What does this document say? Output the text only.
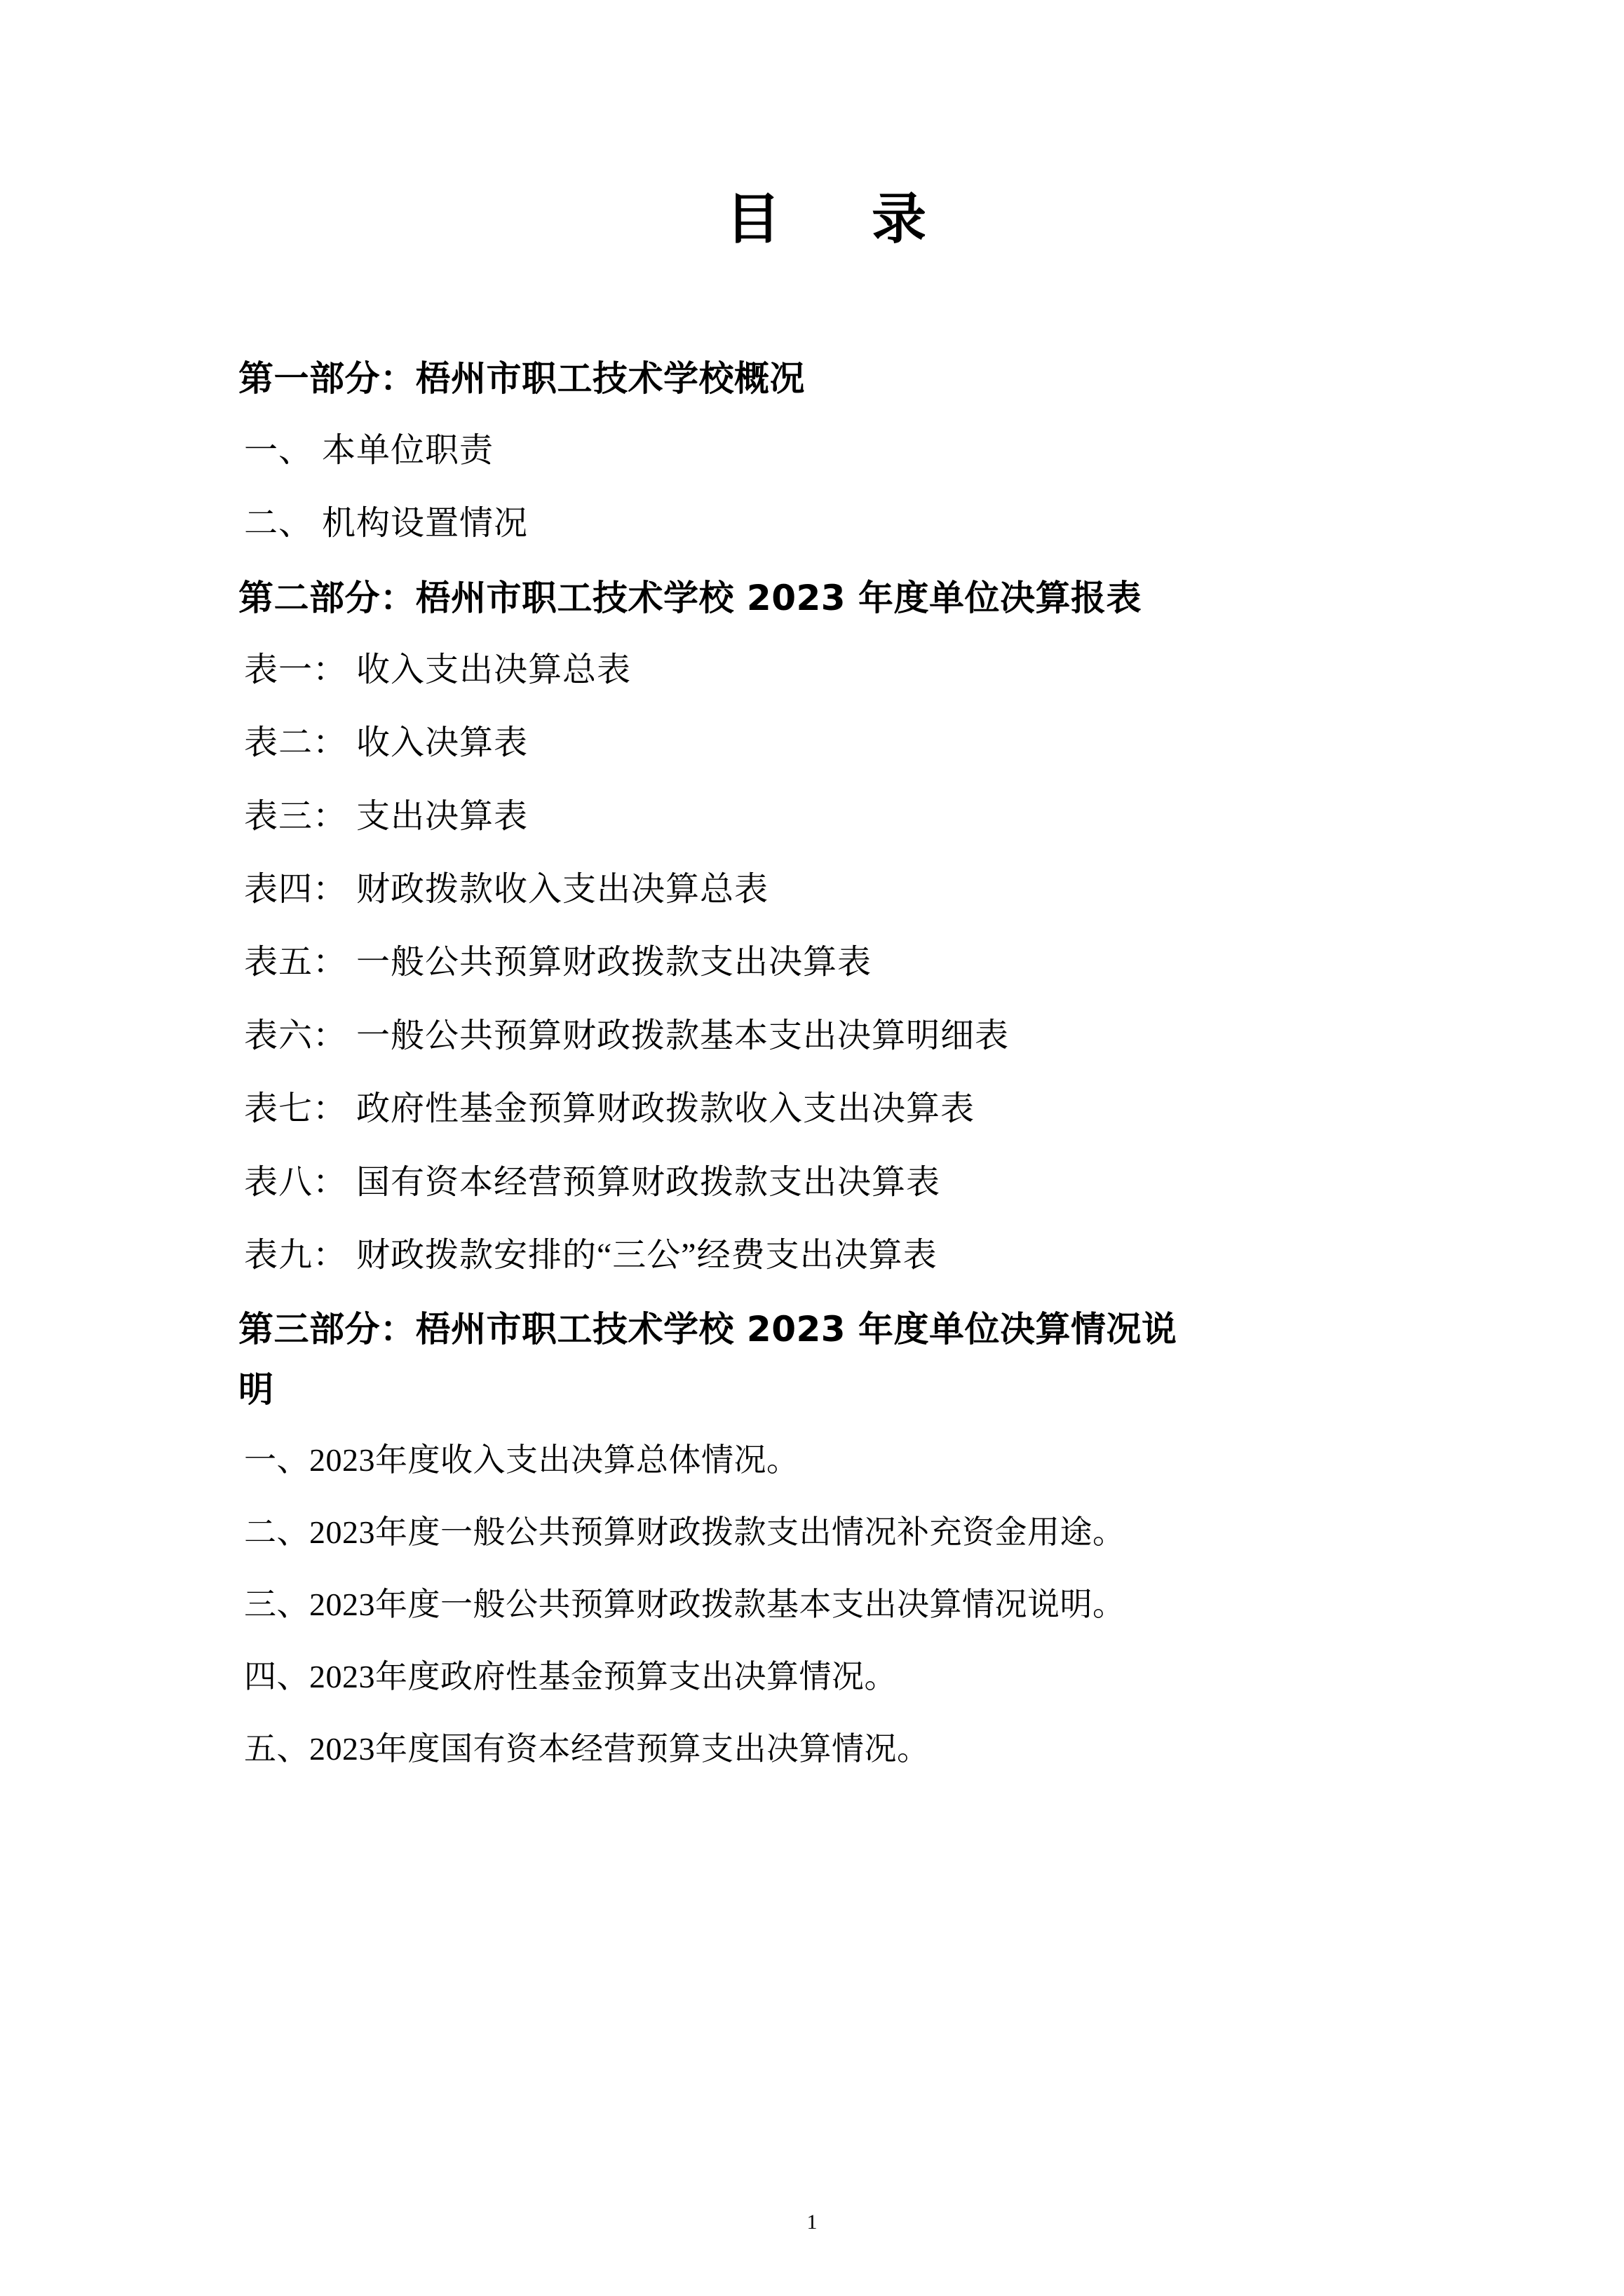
目　录
第一部分：梧州市职工技术学校概况
一、 本单位职责
二、 机构设置情况
第二部分：梧州市职工技术学校 2023 年度单位决算报表
表一： 收入支出决算总表
表二： 收入决算表
表三： 支出决算表
表四： 财政拨款收入支出决算总表
表五： 一般公共预算财政拨款支出决算表
表六： 一般公共预算财政拨款基本支出决算明细表
表七： 政府性基金预算财政拨款收入支出决算表
表八： 国有资本经营预算财政拨款支出决算表
表九： 财政拨款安排的“三公”经费支出决算表
第三部分：梧州市职工技术学校 2023 年度单位决算情况说
明
一、2023年度收入支出决算总体情况。
二、2023年度一般公共预算财政拨款支出情况补充资金用途。
三、2023年度一般公共预算财政拨款基本支出决算情况说明。
四、2023年度政府性基金预算支出决算情况。
五、2023年度国有资本经营预算支出决算情况。
1
